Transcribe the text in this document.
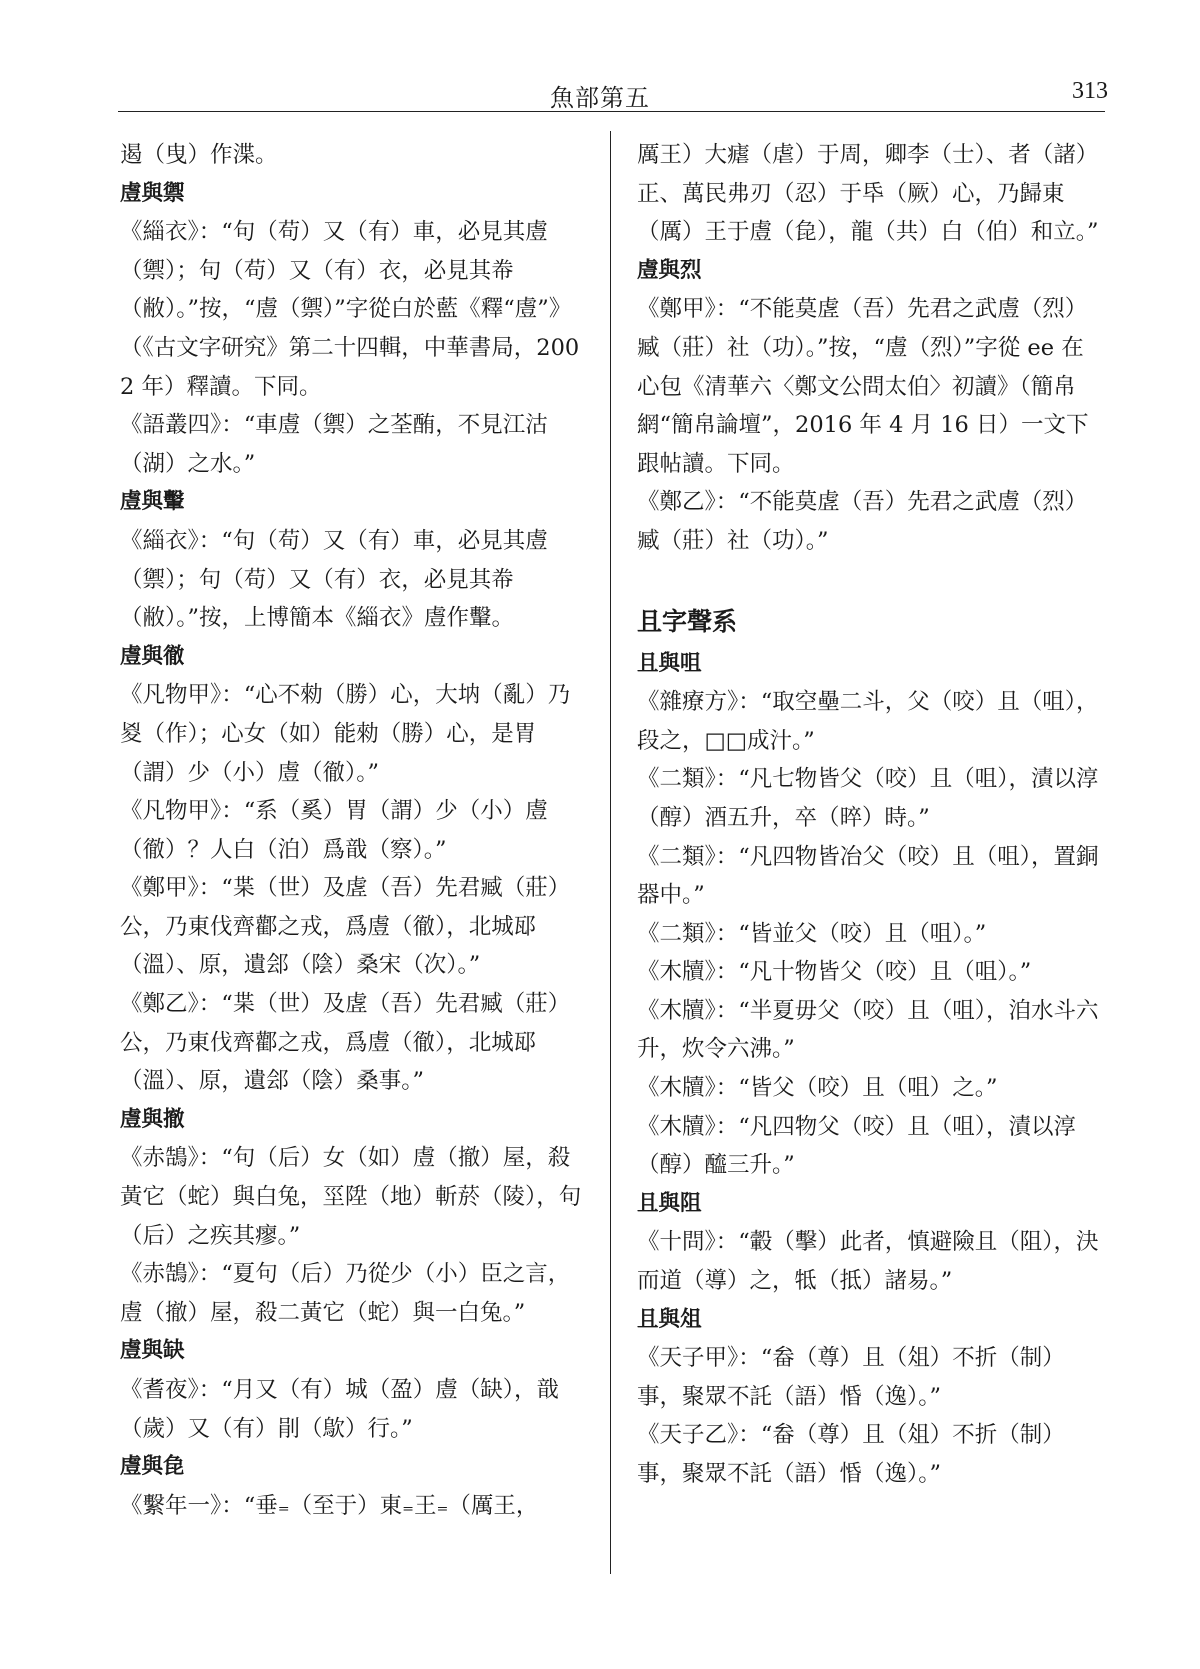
魚部第五	313

遏（曳）作渫。

䖒與禦

《緇衣》：“句（苟）又（有）車，必見其䖒（禦）；句（苟）又（有）衣，必見其帣（敝）。”按，“䖒（禦）”字從白於藍《釋“䖒”》（《古文字研究》第二十四輯，中華書局，2002 年）釋讀。下同。

《語叢四》：“車䖒（禦）之荃酭，不見江沽（湖）之水。”

䖒與轚

《緇衣》：“句（苟）又（有）車，必見其䖒（禦）；句（苟）又（有）衣，必見其帣（敝）。”按，上博簡本《緇衣》䖒作轚。

䖒與徹

《凡物甲》：“心不勑（勝）心，大㘨（亂）乃㚇（作）；心女（如）能勑（勝）心，是胃（謂）少（小）䖒（徹）。”

《凡物甲》：“系（奚）胃（謂）少（小）䖒（徹）？人白（泊）爲戠（察）。”

《鄭甲》：“枼（世）及虗（吾）先君臧（莊）公，乃東伐齊酄之戎，爲䖒（徹），北城邷（溫）、原，遺郐（陰）桑宋（次）。”

《鄭乙》：“枼（世）及虗（吾）先君臧（莊）公，乃東伐齊酄之戎，爲䖒（徹），北城邷（溫）、原，遺郐（陰）桑事。”

䖒與撤

《赤鵠》：“句（后）女（如）䖒（撤）屋，殺黃它（蛇）與白兔，坙陞（地）斬菸（陵），句（后）之疾其瘳。”

《赤鵠》：“夏句（后）乃從少（小）臣之言，䖒（撤）屋，殺二黃它（蛇）與一白兔。”

䖒與缺

《耆夜》：“月又（有）城（盈）䖒（缺），戠（歲）又（有）剈（歍）行。”

䖒與㲋

《繫年一》：“垂₌（至于）東₌王₌（厲王，

厲王）大瘧（虐）于周，卿李（士）、者（諸）正、萬民弗刃（忍）于氒（厥）心，乃歸東（厲）王于䖒（㲋），龍（共）白（伯）和立。”

䖒與烈

《鄭甲》：“不能莫虗（吾）先君之武䖒（烈）臧（莊）社（功）。”按，“䖒（烈）”字從 ee 在心包《清華六〈鄭文公問太伯〉初讀》（簡帛網“簡帛論壇”，2016 年 4 月 16 日）一文下跟帖讀。下同。

《鄭乙》：“不能莫虗（吾）先君之武䖒（烈）臧（莊）社（功）。”

且字聲系

且與咀

《雜療方》：“取空壘二斗，父（咬）且（咀），段之，□□成汁。”

《二類》：“凡七物皆父（咬）且（咀），漬以淳（醇）酒五升，卒（晬）時。”

《二類》：“凡四物皆冶父（咬）且（咀），置銅器中。”

《二類》：“皆並父（咬）且（咀）。”

《木牘》：“凡十物皆父（咬）且（咀）。”

《木牘》：“半夏毋父（咬）且（咀），洎水斗六升，炊令六沸。”

《木牘》：“皆父（咬）且（咀）之。”

《木牘》：“凡四物父（咬）且（咀），漬以淳（醇）醯三升。”

且與阻

《十問》：“轂（擊）此者，慎避險且（阻），決而道（導）之，牴（抵）諸易。”

且與俎

《天子甲》：“畚（尊）且（俎）不折（制）事，聚眾不託（語）惛（逸）。”

《天子乙》：“畚（尊）且（俎）不折（制）事，聚眾不託（語）惛（逸）。”
